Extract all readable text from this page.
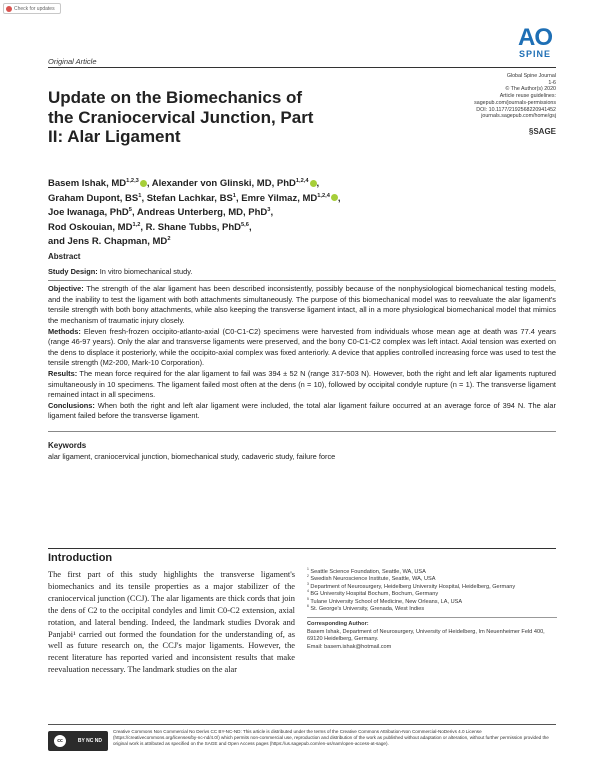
Check for updates
Original Article
AO
SPINE
Global Spine Journal
1-6
© The Author(s) 2020
Article reuse guidelines:
sagepub.com/journals-permissions
DOI: 10.1177/2192568220941452
journals.sagepub.com/home/gsj
§SAGE
Update on the Biomechanics of the Craniocervical Junction, Part II: Alar Ligament
Basem Ishak, MD$^{1,2,3}$ , Alexander von Glinski, MD, PhD$^{1,2,4}$ ,
Graham Dupont, $BS^1$, Stefan Lachkar, $BS^1$, Emre Yilmaz, MD$^{1,2,4}$ ,
Joe Iwanaga, PhD$^5$, Andreas Unterberg, MD, PhD$^3$,
Rod Oskouian, MD$^{1,2}$, R. Shane Tubbs, PhD$^{5,6}$,
and Jens R. Chapman, $MD^2$
Abstract

Study Design: In vitro biomechanical study.

Objective: The strength of the alar ligament has been described inconsistently, possibly because of the nonphysiological biomechanical testing models, and the inability to test the ligament with both attachments simultaneously. The purpose of this biomechanical model was to reevaluate the alar ligament's tensile strength with both bony attachments, while also keeping the transverse ligament intact, all in a more physiological biomechanical model that mimics the mechanism of traumatic injury closely.

Methods: Eleven fresh-frozen occipito-atlanto-axial (C0-C1-C2) specimens were harvested from individuals whose mean age at death was 77.4 years (range 46-97 years). Only the alar and transverse ligaments were preserved, and the bony C0-C1-C2 complex was left intact. Axial tension was exerted on the dens to displace it posteriorly, while the occipito-axial complex was fixed anteriorly. A device that applies controlled increasing force was used to test the tensile strength (M2-200, Mark-10 Corporation).

Results: The mean force required for the alar ligament to fail was 394 ± 52 N (range 317-503 N). However, both the right and left alar ligaments ruptured simultaneously in 10 specimens. The ligament failed most often at the dens (n = 10), followed by occipital condyle rupture (n = 1). The transverse ligament remained intact in all specimens.

Conclusions: When both the right and left alar ligament were included, the total alar ligament failure occurred at an average force of 394 N. The alar ligament failed before the transverse ligament.

Keywords
alar ligament, craniocervical junction, biomechanical study, cadaveric study, failure force
Introduction
The first part of this study highlights the transverse ligament's biomechanics and its tensile properties as a major stabilizer of the craniocervical junction (CCJ). The alar ligaments are thick cords that join the dens of C2 to the occipital condyles and limit C0-C2 extension, axial rotation, and lateral bending. Indeed, the landmark studies Dvorak and Panjabi¹ carried out formed the foundation for the understanding of, as well as future research on, the CCJ's major ligaments. However, the recent literature has reported varied and inconsistent results that make reevaluation necessary. The landmark studies on the alar
$^1$ Seattle Science Foundation, Seattle, WA, USA
$^2$ Swedish Neuroscience Institute, Seattle, WA, USA
$^3$ Department of Neurosurgery, Heidelberg University Hospital, Heidelberg, Germany
$^4$ BG University Hospital Bochum, Bochum, Germany
$^5$ Tulane University School of Medicine, New Orleans, LA, USA
$^6$ St. George's University, Grenada, West Indies
Corresponding Author:
Basem Ishak, Department of Neurosurgery, University of Heidelberg, Im Neuenheimer Feld 400, 69120 Heidelberg, Germany.
Email: basem.ishak@hotmail.com
cc	BY NC ND
Creative Commons Non Commercial No Derivs CC BY-NC-ND: This article is distributed under the terms of the Creative Commons Attribution-Non Commercial-NoDerivs 4.0 License (https://creativecommons.org/licenses/by-nc-nd/4.0/) which permits non-commercial use, reproduction and distribution of the work as published without adaptation or alteration, without further permission provided the original work is attributed as specified on the SAGE and Open Access pages (https://us.sagepub.com/en-us/nam/open-access-at-sage).
